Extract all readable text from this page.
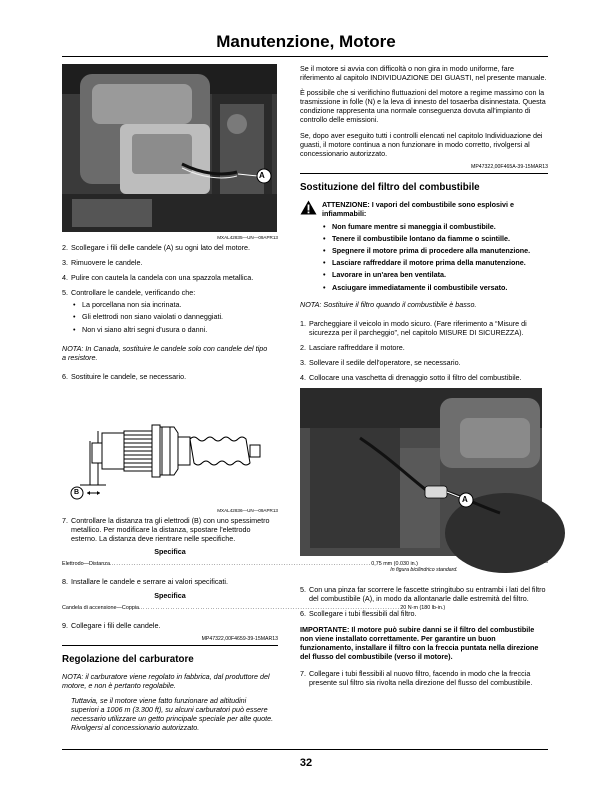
Manutenzione, Motore
A
MXAL42835—UN—09APR13
2. Scollegare i fili delle candele (A) su ogni lato del motore.
3. Rimuovere le candele.
4. Pulire con cautela la candela con una spazzola metallica.
5. Controllare le candele, verificando che:
• La porcellana non sia incrinata.
• Gli elettrodi non siano vaiolati o danneggiati.
• Non vi siano altri segni d'usura o danni.
NOTA: In Canada, sostituire le candele solo con candele del tipo a resistore.
6. Sostituire le candele, se necessario.
B
MXAL42836—UN—09APR13
7. Controllare la distanza tra gli elettrodi (B) con uno spessimetro metallico. Per modificare la distanza, spostare l'elettrodo esterno. La distanza deve rientrare nelle specifiche.
Specifica
Elettrodo—Distanza. ........................................................................................................ 0,75 mm (0.030 in.)
8. Installare le candele e serrare ai valori specificati.
Specifica
Candela di accensione—Coppia. ........................................................................................................ 20 N·m (180 lb-in.)
9. Collegare i fili delle candele.
MP47322,00F4659-39-15MAR13
Regolazione del carburatore
NOTA: il carburatore viene regolato in fabbrica, dal produttore del motore, e non è pertanto regolabile.
Tuttavia, se il motore viene fatto funzionare ad altitudini superiori a 1006 m (3.300 ft), su alcuni carburatori può essere necessario utilizzare un getto principale speciale per alte quote. Rivolgersi al concessionario autorizzato.
Se il motore si avvia con difficoltà o non gira in modo uniforme, fare riferimento al capitolo INDIVIDUAZIONE DEI GUASTI, nel presente manuale.
È possibile che si verifichino fluttuazioni del motore a regime massimo con la trasmissione in folle (N) e la leva di innesto del tosaerba disinnestata. Questa condizione rappresenta una normale conseguenza dovuta all'impianto di controllo delle emissioni.
Se, dopo aver eseguito tutti i controlli elencati nel capitolo Individuazione dei guasti, il motore continua a non funzionare in modo corretto, rivolgersi al concessionario autorizzato.
MP47322,00F465A-39-15MAR13
Sostituzione del filtro del combustibile
ATTENZIONE: I vapori del combustibile sono esplosivi e infiammabili:
• Non fumare mentre si maneggia il combustibile.
• Tenere il combustibile lontano da fiamme o scintille.
• Spegnere il motore prima di procedere alla manutenzione.
• Lasciare raffreddare il motore prima della manutenzione.
• Lavorare in un'area ben ventilata.
• Asciugare immediatamente il combustibile versato.
NOTA: Sostituire il filtro quando il combustibile è basso.
1. Parcheggiare il veicolo in modo sicuro. (Fare riferimento a “Misure di sicurezza per il parcheggio”, nel capitolo MISURE DI SICUREZZA).
2. Lasciare raffreddare il motore.
3. Sollevare il sedile dell'operatore, se necessario.
4. Collocare una vaschetta di drenaggio sotto il filtro del combustibile.
A
In figura bicilindrico standard.
5. Con una pinza far scorrere le fascette stringitubo su entrambi i lati del filtro del combustibile (A), in modo da allontanarle dalle estremità del filtro.
6. Scollegare i tubi flessibili dal filtro.
IMPORTANTE: Il motore può subire danni se il filtro del combustibile non viene installato correttamente. Per garantire un buon funzionamento, installare il filtro con la freccia puntata nella direzione del flusso del combustibile (verso il motore).
7. Collegare i tubi flessibili al nuovo filtro, facendo in modo che la freccia presente sul filtro sia rivolta nella direzione del flusso del combustibile.
32
